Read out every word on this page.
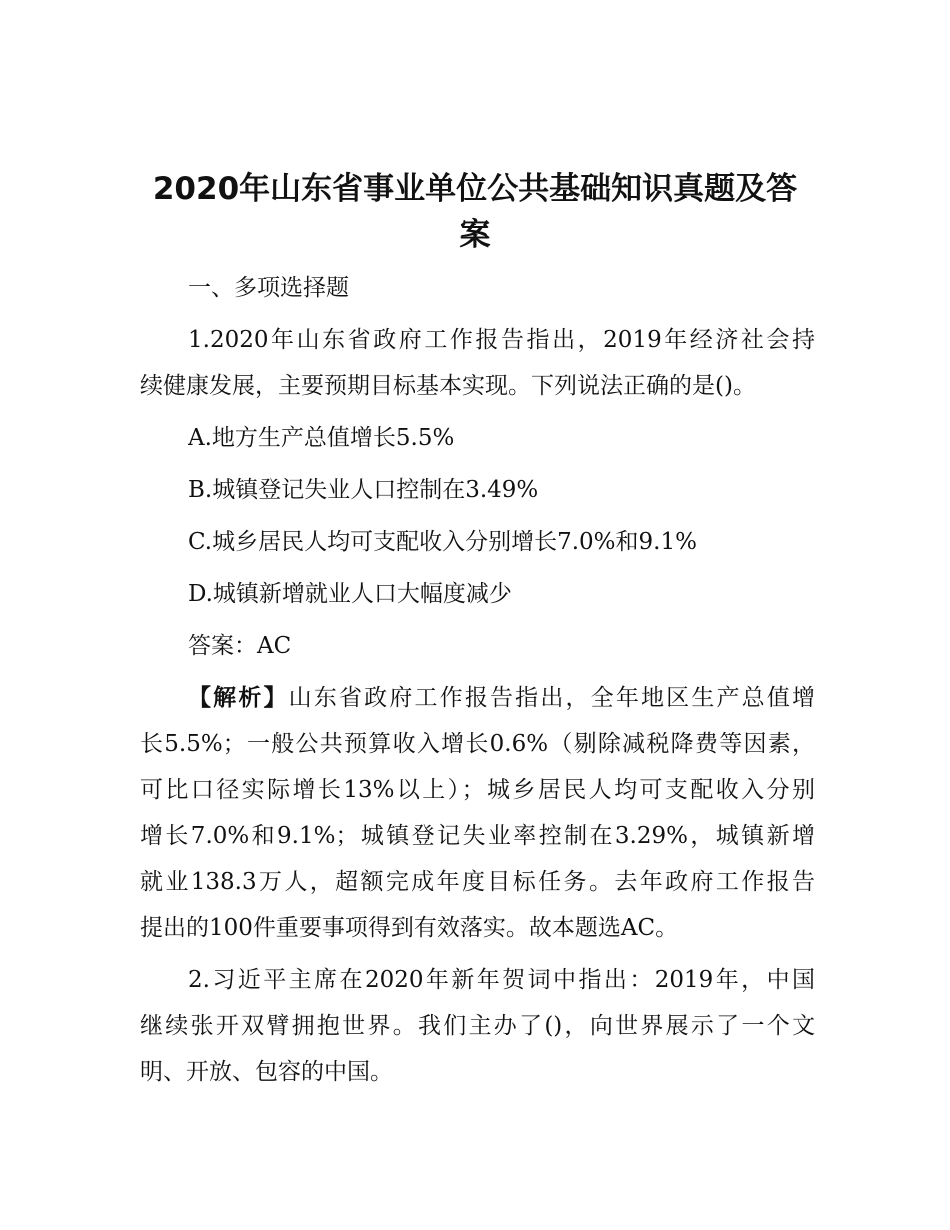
2020年山东省事业单位公共基础知识真题及答
案
一、多项选择题
1.2020年山东省政府工作报告指出，2019年经济社会持
续健康发展，主要预期目标基本实现。下列说法正确的是()。
A.地方生产总值增长5.5%
B.城镇登记失业人口控制在3.49%
C.城乡居民人均可支配收入分别增长7.0%和9.1%
D.城镇新增就业人口大幅度减少
答案：AC
【解析】山东省政府工作报告指出，全年地区生产总值增
长5.5%；一般公共预算收入增长0.6%（剔除减税降费等因素，
可比口径实际增长13%以上）；城乡居民人均可支配收入分别
增长7.0%和9.1%；城镇登记失业率控制在3.29%，城镇新增
就业138.3万人，超额完成年度目标任务。去年政府工作报告
提出的100件重要事项得到有效落实。故本题选AC。
2.习近平主席在2020年新年贺词中指出：2019年，中国
继续张开双臂拥抱世界。我们主办了()，向世界展示了一个文
明、开放、包容的中国。
